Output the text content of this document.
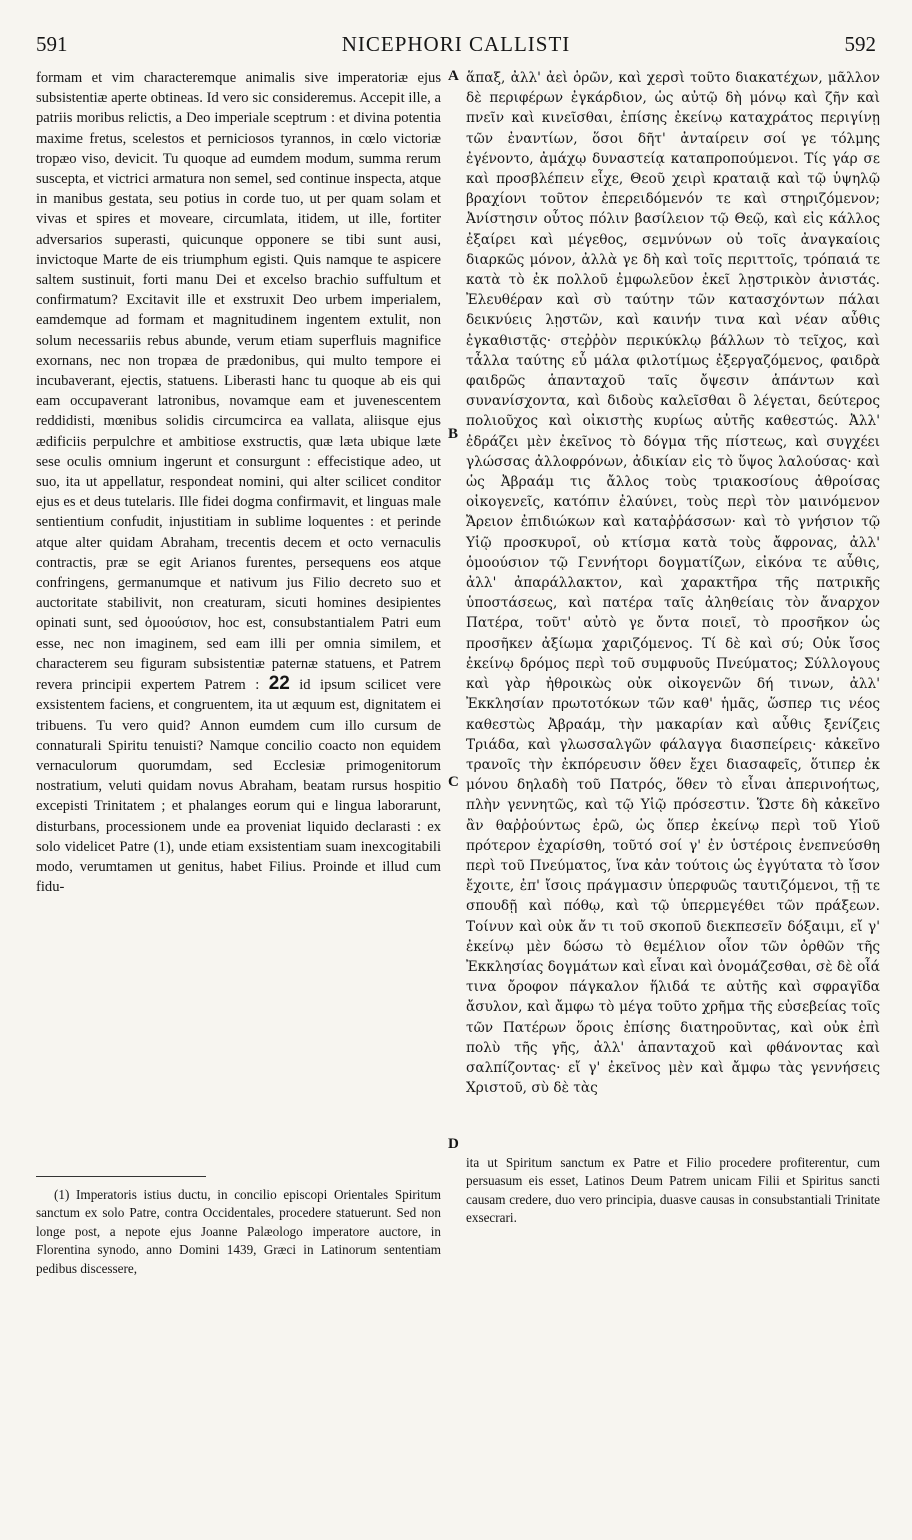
591	NICEPHORI CALLISTI	592

formam et vim characteremque animalis sive imperatoriæ ejus subsistentiæ aperte obtineas. Id vero sic consideremus. Accepit ille, a patriis moribus relictis, a Deo imperiale sceptrum : et divina potentia maxime fretus, scelestos et perniciosos tyrannos, in cœlo victoriæ tropæo viso, devicit. Tu quoque ad eumdem modum, summa rerum suscepta, et victrici armatura non semel, sed continue inspecta, atque in manibus gestata, seu potius in corde tuo, ut per quam solam et vivas et spires et moveare, circumlata, itidem, ut ille, fortiter adversarios superasti, quicunque opponere se tibi sunt ausi, invictoque Marte de eis triumphum egisti. Quis namque te aspicere saltem sustinuit, forti manu Dei et excelso brachio suffultum et confirmatum? Excitavit ille et exstruxit Deo urbem imperialem, eamdemque ad formam et magnitudinem ingentem extulit, non solum necessariis rebus abunde, verum etiam superfluis magnifice exornans, nec non tropæa de prædonibus, qui multo tempore ei incubaverant, ejectis, statuens. Liberasti hanc tu quoque ab eis qui eam occupaverant latronibus, novamque eam et juvenescentem reddidisti, mœnibus solidis circumcirca ea vallata, aliisque ejus ædificiis perpulchre et ambitiose exstructis, quæ læta ubique læte sese oculis omnium ingerunt et consurgunt : effecistique adeo, ut suo, ita ut appellatur, respondeat nomini, qui alter scilicet conditor ejus es et deus tutelaris. Ille fidei dogma confirmavit, et linguas male sentientium confudit, injustitiam in sublime loquentes : et perinde atque alter quidam Abraham, trecentis decem et octo vernaculis contractis, præ se egit Arianos furentes, persequens eos atque confringens, germanumque et nativum jus Filio decreto suo et auctoritate stabilivit, non creaturam, sicuti homines desipientes opinati sunt, sed ὁμοούσιον, hoc est, consubstantialem Patri eum esse, nec non imaginem, sed eam illi per omnia similem, et characterem seu figuram subsistentiæ paternæ statuens, et Patrem revera principii expertem Patrem : 22 id ipsum scilicet vere exsistentem faciens, et congruentem, ita ut æquum est, dignitatem ei tribuens. Tu vero quid? Annon eumdem cum illo cursum de connaturali Spiritu tenuisti? Namque concilio coacto non equidem vernaculorum quorumdam, sed Ecclesiæ primogenitorum nostratium, veluti quidam novus Abraham, beatam rursus hospitio excepisti Trinitatem ; et phalanges eorum qui e lingua laborarunt, disturbans, processionem unde ea proveniat liquido declarasti : ex solo videlicet Patre (1), unde etiam exsistentiam suam inexcogitabili modo, verumtamen ut genitus, habet Filius. Proinde et illud cum fidu-

A
B
C
D

ἅπαξ, ἀλλ' ἀεὶ ὁρῶν, καὶ χερσὶ τοῦτο διακατέχων, μᾶλλον δὲ περιφέρων ἐγκάρδιον, ὡς αὐτῷ δὴ μόνῳ καὶ ζῆν καὶ πνεῖν καὶ κινεῖσθαι, ἐπίσης ἐκείνῳ καταχράτος περιγίνῃ τῶν ἐναντίων, ὅσοι δῆτ' ἀνταίρειν σοί γε τόλμης ἐγένοντο, ἀμάχῳ δυναστείᾳ καταπροπούμενοι. Τίς γάρ σε καὶ προσβλέπειν εἶχε, Θεοῦ χειρὶ κραταιᾷ καὶ τῷ ὑψηλῷ βραχίονι τοῦτον ἐπερειδόμενόν τε καὶ στηριζόμενον; Ἀνίστησιν οὗτος πόλιν βασίλειον τῷ Θεῷ, καὶ εἰς κάλλος ἐξαίρει καὶ μέγεθος, σεμνύνων οὐ τοῖς ἀναγκαίοις διαρκῶς μόνον, ἀλλὰ γε δὴ καὶ τοῖς περιττοῖς, τρόπαιά τε κατὰ τὸ ἐκ πολλοῦ ἐμφωλεῦον ἐκεῖ λῃστρικὸν ἀνιστάς. Ἐλευθέραν καὶ σὺ ταύτην τῶν κατασχόντων πάλαι δεικνύεις λῃστῶν, καὶ καινήν τινα καὶ νέαν αὖθις ἐγκαθιστᾷς· στεῤῥὸν περικύκλῳ βάλλων τὸ τεῖχος, καὶ τἆλλα ταύτης εὖ μάλα φιλοτίμως ἐξεργαζόμενος, φαιδρὰ φαιδρῶς ἁπανταχοῦ ταῖς ὄψεσιν ἁπάντων καὶ συνανίσχοντα, καὶ διδοὺς καλεῖσθαι ὃ λέγεται, δεύτερος πολιοῦχος καὶ οἰκιστὴς κυρίως αὐτῆς καθεστώς. Ἀλλ' ἐδράζει μὲν ἐκεῖνος τὸ δόγμα τῆς πίστεως, καὶ συγχέει γλώσσας ἀλλοφρόνων, ἀδικίαν εἰς τὸ ὕψος λαλούσας· καὶ ὡς Ἀβραάμ τις ἄλλος τοὺς τριακοσίους ἀθροίσας οἰκογενεῖς, κατόπιν ἐλαύνει, τοὺς περὶ τὸν μαινόμενον Ἄρειον ἐπιδιώκων καὶ καταῤῥάσσων· καὶ τὸ γνήσιον τῷ Υἱῷ προσκυροῖ, οὐ κτίσμα κατὰ τοὺς ἄφρονας, ἀλλ' ὁμοούσιον τῷ Γεννήτορι δογματίζων, εἰκόνα τε αὖθις, ἀλλ' ἀπαράλλακτον, καὶ χαρακτῆρα τῆς πατρικῆς ὑποστάσεως, καὶ πατέρα ταῖς ἀληθείαις τὸν ἄναρχον Πατέρα, τοῦτ' αὐτὸ γε ὄντα ποιεῖ, τὸ προσῆκον ὡς προσῆκεν ἀξίωμα χαριζόμενος. Τί δὲ καὶ σύ; Οὐκ ἴσος ἐκείνῳ δρόμος περὶ τοῦ συμφυοῦς Πνεύματος; Σύλλογους καὶ γὰρ ἠθροικὼς οὐκ οἰκογενῶν δή τινων, ἀλλ' Ἐκκλησίαν πρωτοτόκων τῶν καθ' ἡμᾶς, ὥσπερ τις νέος καθεστὼς Ἀβραάμ, τὴν μακαρίαν καὶ αὖθις ξενίζεις Τριάδα, καὶ γλωσσαλγῶν φάλαγγα διασπείρεις· κἀκεῖνο τρανοῖς τὴν ἐκπόρευσιν ὅθεν ἔχει διασαφεῖς, ὅτιπερ ἐκ μόνου δηλαδὴ τοῦ Πατρός, ὅθεν τὸ εἶναι ἀπερινοήτως, πλὴν γεννητῶς, καὶ τῷ Υἱῷ πρόσεστιν. Ὥστε δὴ κἀκεῖνο ἂν θαῤῥούντως ἐρῶ, ὡς ὅπερ ἐκείνῳ περὶ τοῦ Υἱοῦ πρότερον ἐχαρίσθη, τοῦτό σοί γ' ἐν ὑστέροις ἐνεπνεύσθη περὶ τοῦ Πνεύματος, ἵνα κἀν τούτοις ὡς ἐγγύτατα τὸ ἴσον ἔχοιτε, ἐπ' ἴσοις πράγμασιν ὑπερφυῶς ταυτιζόμενοι, τῇ τε σπουδῇ καὶ πόθῳ, καὶ τῷ ὑπερμεγέθει τῶν πράξεων. Τοίνυν καὶ οὐκ ἄν τι τοῦ σκοποῦ διεκπεσεῖν δόξαιμι, εἴ γ' ἐκείνῳ μὲν δώσω τὸ θεμέλιον οἷον τῶν ὀρθῶν τῆς Ἐκκλησίας δογμάτων καὶ εἶναι καὶ ὀνομάζεσθαι, σὲ δὲ οἷά τινα ὄροφον πάγκαλον ἥλιδά τε αὐτῆς καὶ σφραγῖδα ἄσυλον, καὶ ἄμφω τὸ μέγα τοῦτο χρῆμα τῆς εὐσεβείας τοῖς τῶν Πατέρων ὅροις ἐπίσης διατηροῦντας, καὶ οὐκ ἐπὶ πολὺ τῆς γῆς, ἀλλ' ἁπανταχοῦ καὶ φθάνοντας καὶ σαλπίζοντας· εἴ γ' ἐκεῖνος μὲν καὶ ἄμφω τὰς γεννήσεις Χριστοῦ, σὺ δὲ τὰς

(1) Imperatoris istius ductu, in concilio episcopi Orientales Spiritum sanctum ex solo Patre, contra Occidentales, procedere statuerunt. Sed non longe post, a nepote ejus Joanne Palæologo imperatore auctore, in Florentina synodo, anno Domini 1439, Græci in Latinorum sententiam pedibus discessere,
ita ut Spiritum sanctum ex Patre et Filio procedere profiterentur, cum persuasum eis esset, Latinos Deum Patrem unicam Filii et Spiritus sancti causam credere, duo vero principia, duasve causas in consubstantiali Trinitate exsecrari.
